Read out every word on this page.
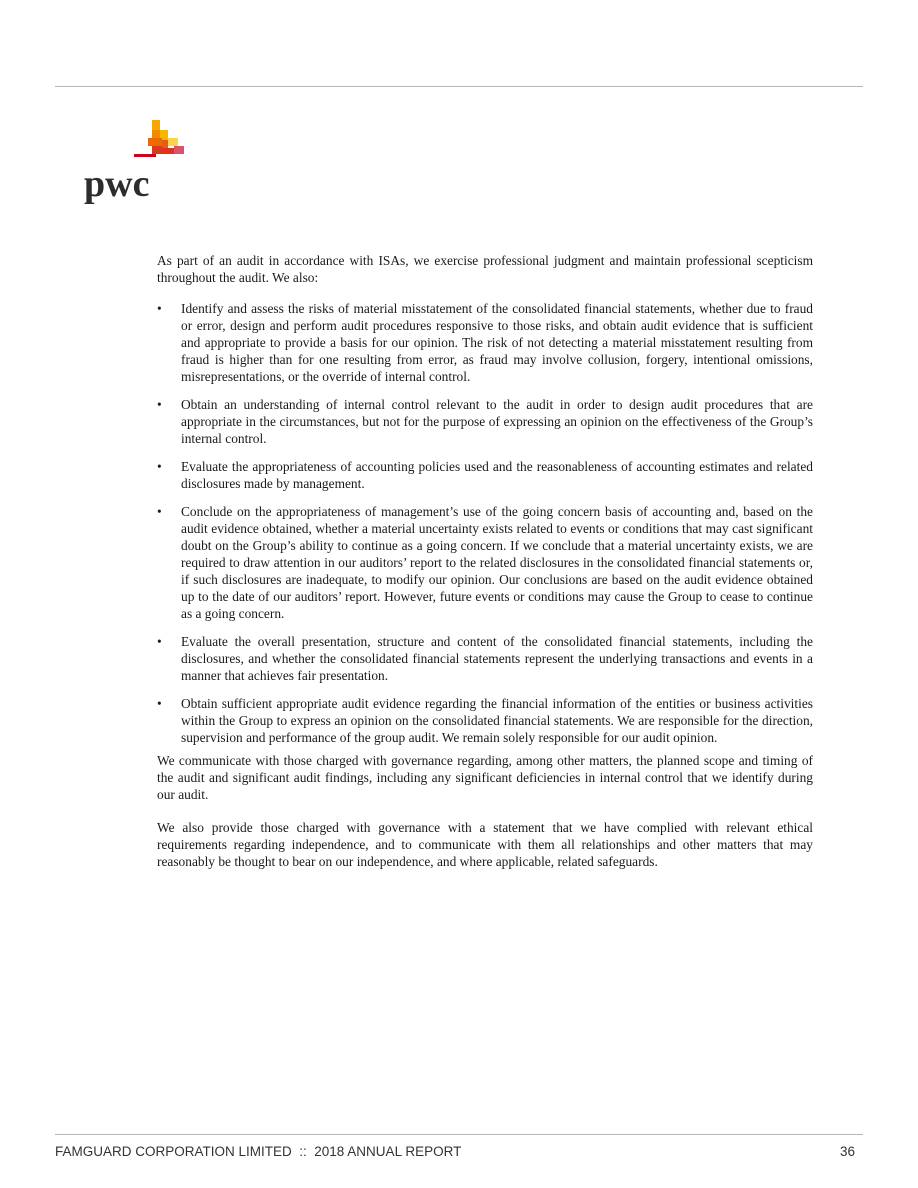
pwc

As part of an audit in accordance with ISAs, we exercise professional judgment and maintain professional scepticism throughout the audit. We also:

• Identify and assess the risks of material misstatement of the consolidated financial statements, whether due to fraud or error, design and perform audit procedures responsive to those risks, and obtain audit evidence that is sufficient and appropriate to provide a basis for our opinion. The risk of not detecting a material misstatement resulting from fraud is higher than for one resulting from error, as fraud may involve collusion, forgery, intentional omissions, misrepresentations, or the override of internal control.
• Obtain an understanding of internal control relevant to the audit in order to design audit procedures that are appropriate in the circumstances, but not for the purpose of expressing an opinion on the effectiveness of the Group’s internal control.
• Evaluate the appropriateness of accounting policies used and the reasonableness of accounting estimates and related disclosures made by management.
• Conclude on the appropriateness of management’s use of the going concern basis of accounting and, based on the audit evidence obtained, whether a material uncertainty exists related to events or conditions that may cast significant doubt on the Group’s ability to continue as a going concern. If we conclude that a material uncertainty exists, we are required to draw attention in our auditors’ report to the related disclosures in the consolidated financial statements or, if such disclosures are inadequate, to modify our opinion. Our conclusions are based on the audit evidence obtained up to the date of our auditors’ report. However, future events or conditions may cause the Group to cease to continue as a going concern.
• Evaluate the overall presentation, structure and content of the consolidated financial statements, including the disclosures, and whether the consolidated financial statements represent the underlying transactions and events in a manner that achieves fair presentation.
• Obtain sufficient appropriate audit evidence regarding the financial information of the entities or business activities within the Group to express an opinion on the consolidated financial statements. We are responsible for the direction, supervision and performance of the group audit. We remain solely responsible for our audit opinion.

We communicate with those charged with governance regarding, among other matters, the planned scope and timing of the audit and significant audit findings, including any significant deficiencies in internal control that we identify during our audit.

We also provide those charged with governance with a statement that we have complied with relevant ethical requirements regarding independence, and to communicate with them all relationships and other matters that may reasonably be thought to bear on our independence, and where applicable, related safeguards.

FAMGUARD CORPORATION LIMITED  ::  2018 ANNUAL REPORT	36
